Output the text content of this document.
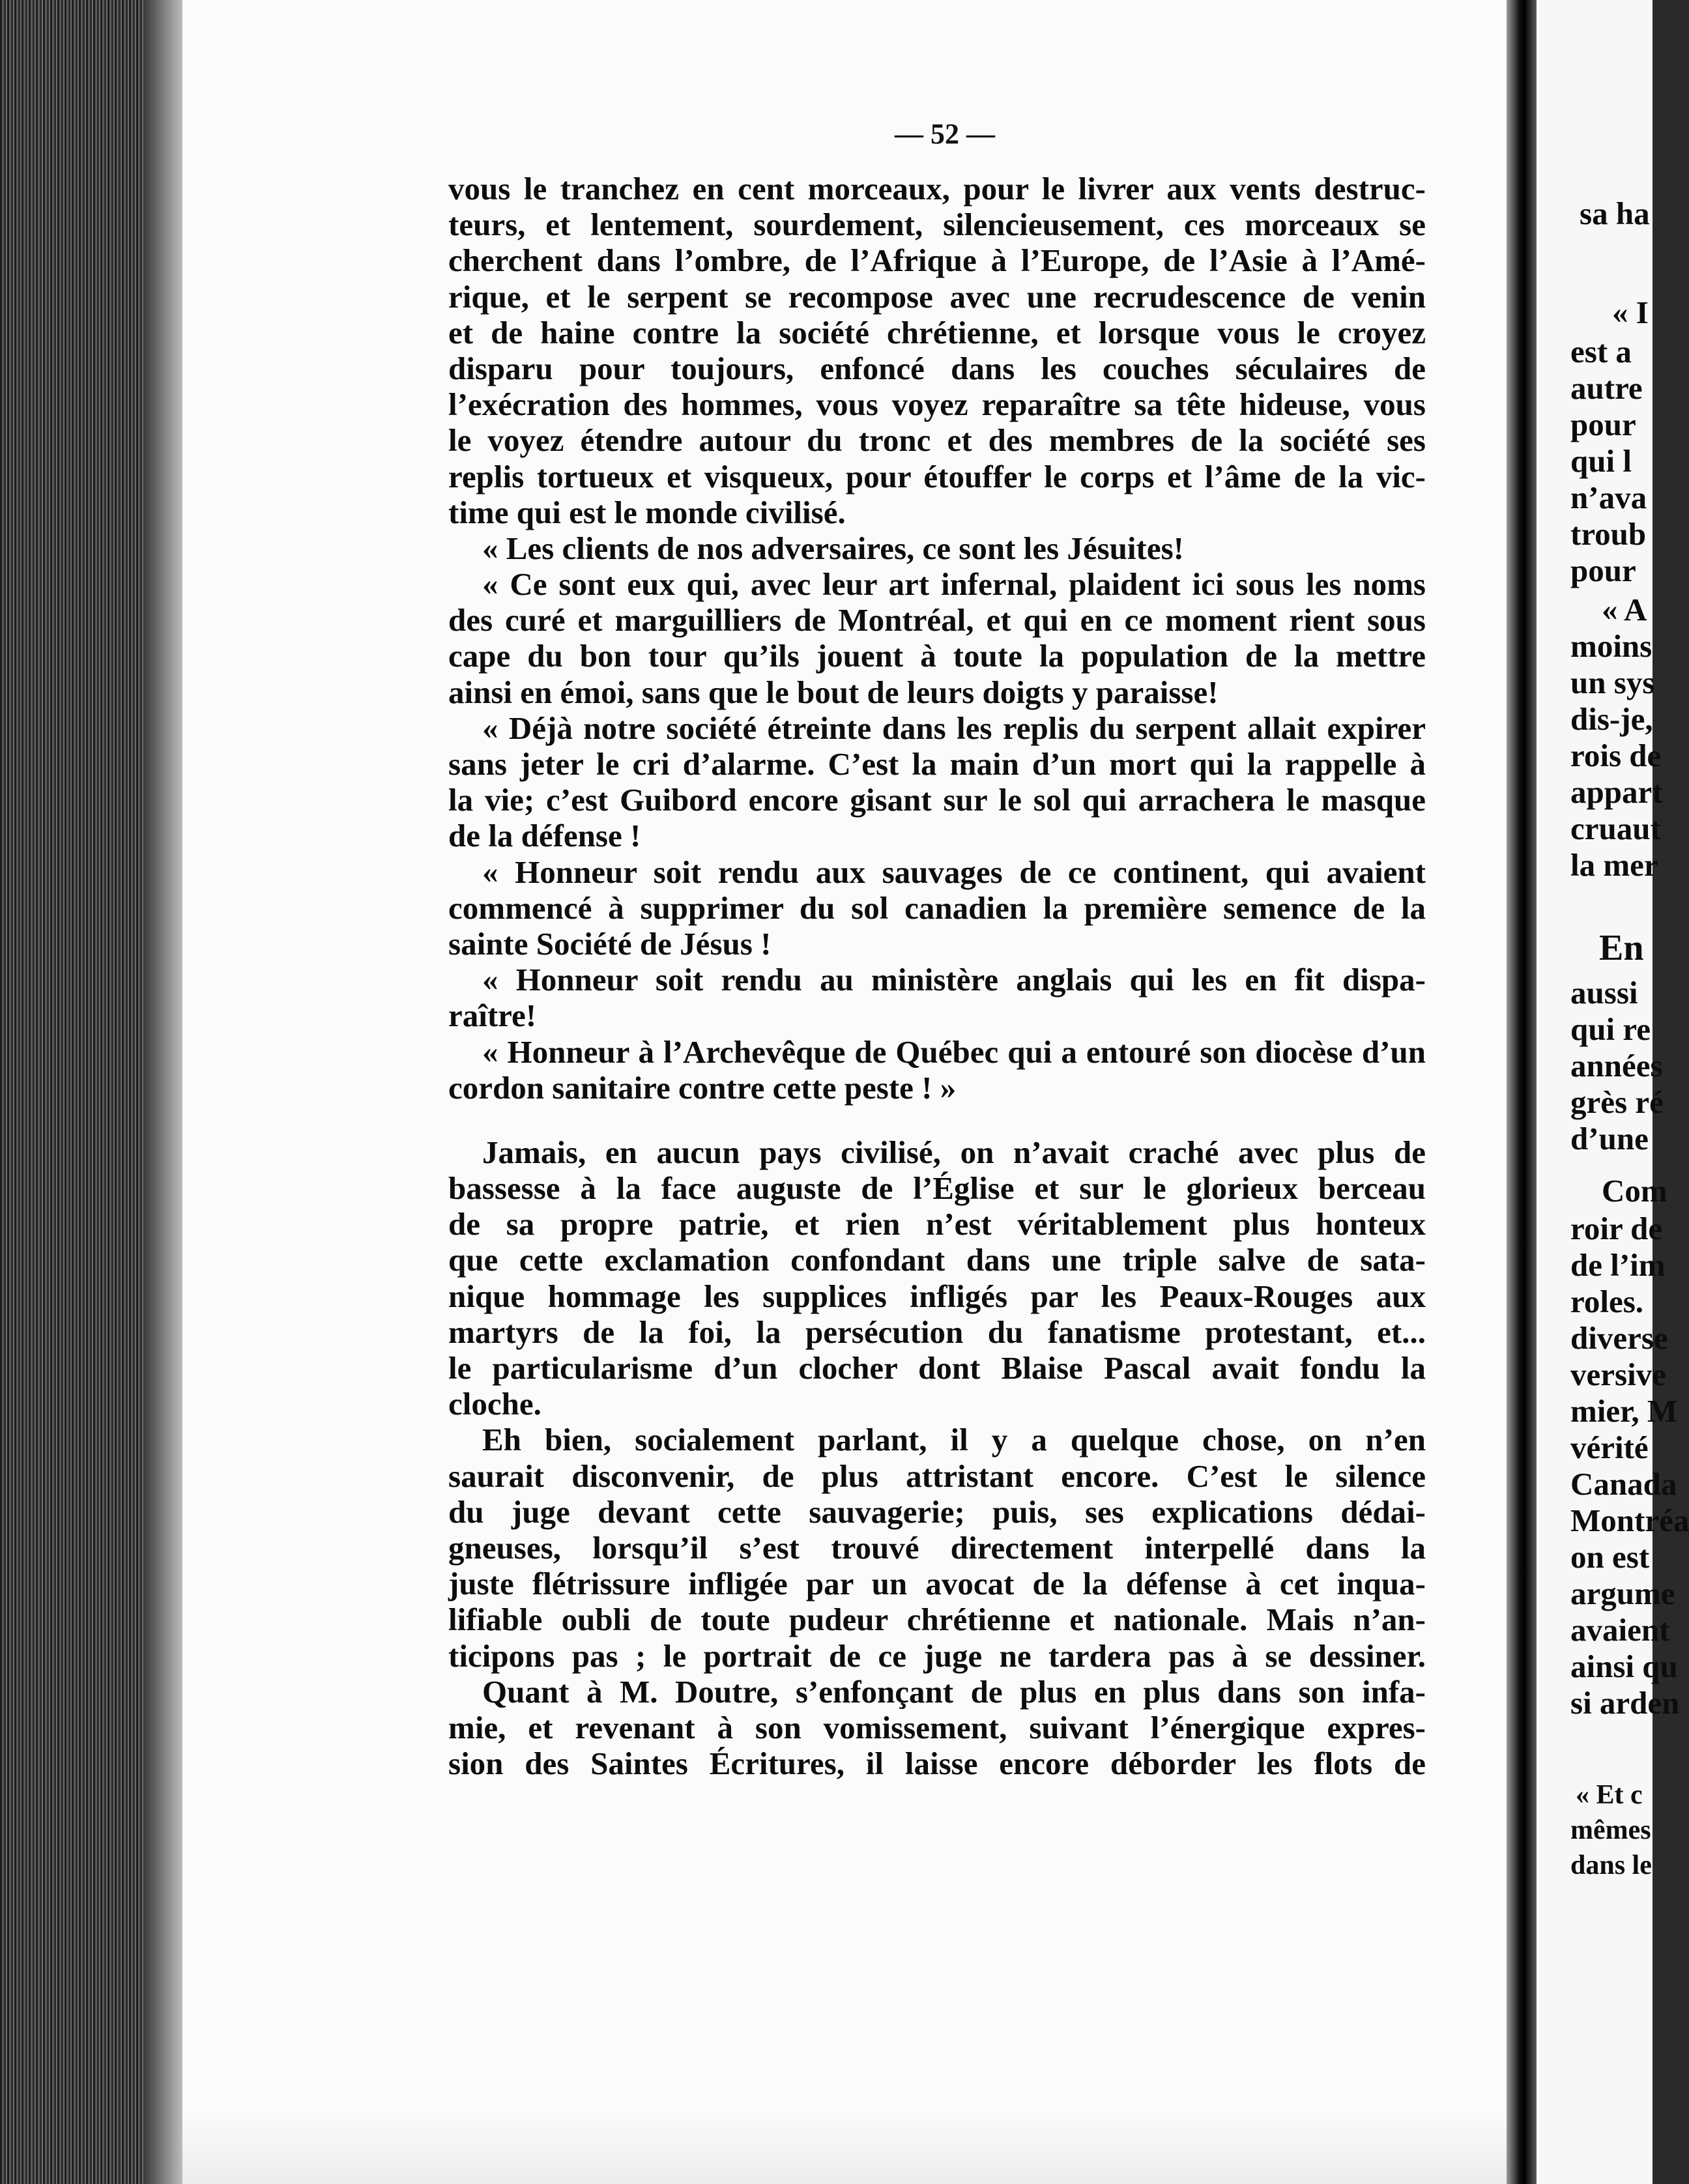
— 52 —
vous le tranchez en cent morceaux, pour le livrer aux vents destruc-
teurs, et lentement, sourdement, silencieusement, ces morceaux se
cherchent dans l’ombre, de l’Afrique à l’Europe, de l’Asie à l’Amé-
rique, et le serpent se recompose avec une recrudescence de venin
et de haine contre la société chrétienne, et lorsque vous le croyez
disparu pour toujours, enfoncé dans les couches séculaires de
l’exécration des hommes, vous voyez reparaître sa tête hideuse, vous
le voyez étendre autour du tronc et des membres de la société ses
replis tortueux et visqueux, pour étouffer le corps et l’âme de la vic-
time qui est le monde civilisé.
« Les clients de nos adversaires, ce sont les Jésuites!
« Ce sont eux qui, avec leur art infernal, plaident ici sous les noms
des curé et marguilliers de Montréal, et qui en ce moment rient sous
cape du bon tour qu’ils jouent à toute la population de la mettre
ainsi en émoi, sans que le bout de leurs doigts y paraisse!
« Déjà notre société étreinte dans les replis du serpent allait expirer
sans jeter le cri d’alarme. C’est la main d’un mort qui la rappelle à
la vie; c’est Guibord encore gisant sur le sol qui arrachera le masque
de la défense !
« Honneur soit rendu aux sauvages de ce continent, qui avaient
commencé à supprimer du sol canadien la première semence de la
sainte Société de Jésus !
« Honneur soit rendu au ministère anglais qui les en fit dispa-
raître!
« Honneur à l’Archevêque de Québec qui a entouré son diocèse d’un
cordon sanitaire contre cette peste ! »
Jamais, en aucun pays civilisé, on n’avait craché avec plus de
bassesse à la face auguste de l’Église et sur le glorieux berceau
de sa propre patrie, et rien n’est véritablement plus honteux
que cette exclamation confondant dans une triple salve de sata-
nique hommage les supplices infligés par les Peaux-Rouges aux
martyrs de la foi, la persécution du fanatisme protestant, et...
le particularisme d’un clocher dont Blaise Pascal avait fondu la
cloche.
Eh bien, socialement parlant, il y a quelque chose, on n’en
saurait disconvenir, de plus attristant encore. C’est le silence
du juge devant cette sauvagerie; puis, ses explications dédai-
gneuses, lorsqu’il s’est trouvé directement interpellé dans la
juste flétrissure infligée par un avocat de la défense à cet inqua-
lifiable oubli de toute pudeur chrétienne et nationale. Mais n’an-
ticipons pas ; le portrait de ce juge ne tardera pas à se dessiner.
Quant à M. Doutre, s’enfonçant de plus en plus dans son infa-
mie, et revenant à son vomissement, suivant l’énergique expres-
sion des Saintes Écritures, il laisse encore déborder les flots de
sa ha
« I
est a
autre
pour
qui l
n’ava
troub
pour
« A
moins
un sys
dis-je,
rois de
appart
cruaut
la mer
En
aussi
qui re
années
grès ré
d’une
Com
roir de
de l’im
roles.
diverse
versive
mier, M
vérité
Canada
Montréa
on est
argume
avaient
ainsi qu
si arden
« Et c
mêmes
dans le
